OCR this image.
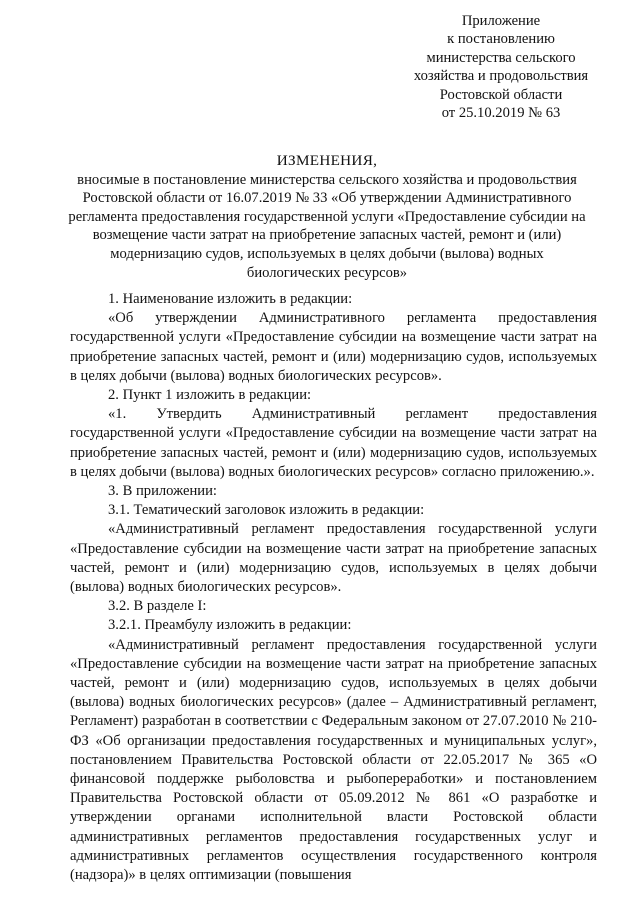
Приложение
к постановлению
министерства сельского
хозяйства и продовольствия
Ростовской области
от 25.10.2019 № 63
ИЗМЕНЕНИЯ,
вносимые в постановление министерства сельского хозяйства и продовольствия Ростовской области от 16.07.2019 № 33 «Об утверждении Административного регламента предоставления государственной услуги «Предоставление субсидии на возмещение части затрат на приобретение запасных частей, ремонт и (или) модернизацию судов, используемых в целях добычи (вылова) водных биологических ресурсов»

1. Наименование изложить в редакции:

«Об утверждении Административного регламента предоставления государственной услуги «Предоставление субсидии на возмещение части затрат на приобретение запасных частей, ремонт и (или) модернизацию судов, используемых в целях добычи (вылова) водных биологических ресурсов».

2. Пункт 1 изложить в редакции:

«1. Утвердить Административный регламент предоставления государственной услуги «Предоставление субсидии на возмещение части затрат на приобретение запасных частей, ремонт и (или) модернизацию судов, используемых в целях добычи (вылова) водных биологических ресурсов» согласно приложению.».

3. В приложении:

3.1. Тематический заголовок изложить в редакции:

«Административный регламент предоставления государственной услуги «Предоставление субсидии на возмещение части затрат на приобретение запасных частей, ремонт и (или) модернизацию судов, используемых в целях добычи (вылова) водных биологических ресурсов».

3.2. В разделе I:

3.2.1. Преамбулу изложить в редакции:

«Административный регламент предоставления государственной услуги «Предоставление субсидии на возмещение части затрат на приобретение запасных частей, ремонт и (или) модернизацию судов, используемых в целях добычи (вылова) водных биологических ресурсов» (далее – Административный регламент, Регламент) разработан в соответствии с Федеральным законом от 27.07.2010 № 210-ФЗ «Об организации предоставления государственных и муниципальных услуг», постановлением Правительства Ростовской области от 22.05.2017 № 365 «О финансовой поддержке рыболовства и рыбопереработки» и постановлением Правительства Ростовской области от 05.09.2012 № 861 «О разработке и утверждении органами исполнительной власти Ростовской области административных регламентов предоставления государственных услуг и административных регламентов осуществления государственного контроля (надзора)» в целях оптимизации (повышения
